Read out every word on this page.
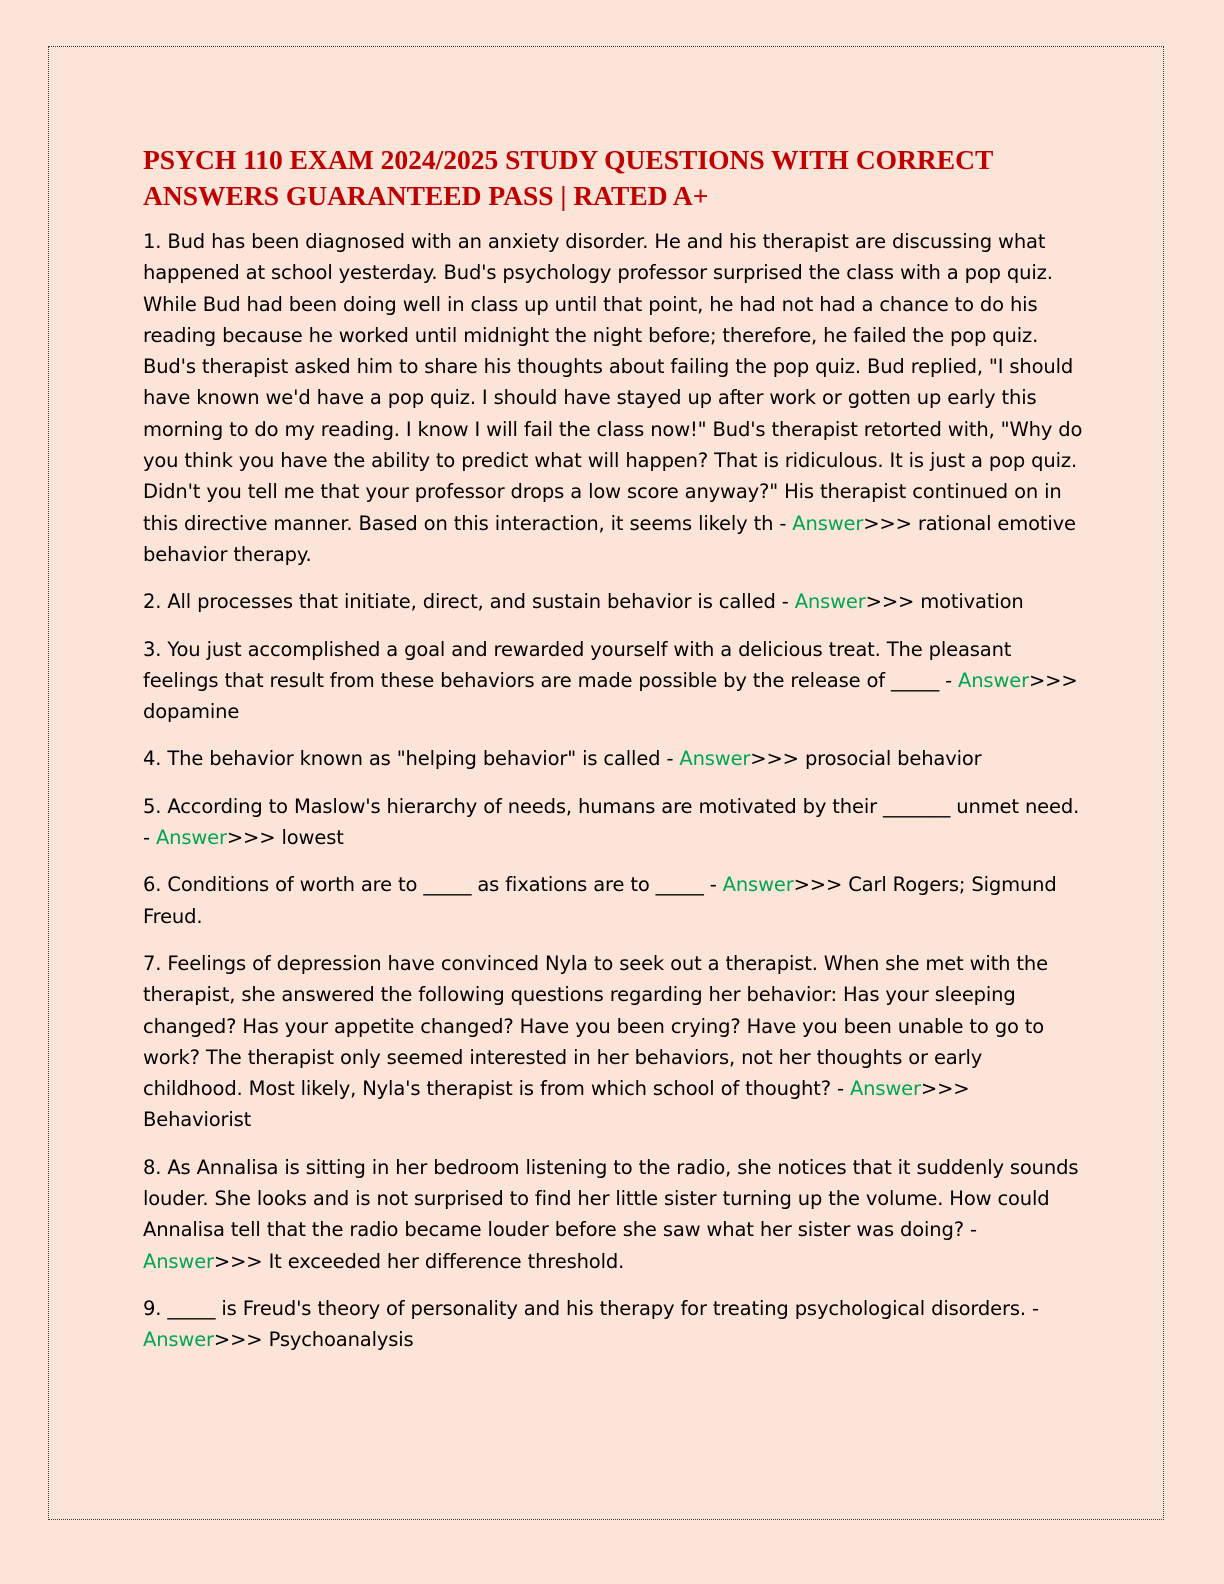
PSYCH 110 EXAM 2024/2025 STUDY QUESTIONS WITH CORRECT ANSWERS GUARANTEED PASS | RATED A+

1. Bud has been diagnosed with an anxiety disorder. He and his therapist are discussing what happened at school yesterday. Bud's psychology professor surprised the class with a pop quiz. While Bud had been doing well in class up until that point, he had not had a chance to do his reading because he worked until midnight the night before; therefore, he failed the pop quiz. Bud's therapist asked him to share his thoughts about failing the pop quiz. Bud replied, "I should have known we'd have a pop quiz. I should have stayed up after work or gotten up early this morning to do my reading. I know I will fail the class now!" Bud's therapist retorted with, "Why do you think you have the ability to predict what will happen? That is ridiculous. It is just a pop quiz. Didn't you tell me that your professor drops a low score anyway?" His therapist continued on in this directive manner. Based on this interaction, it seems likely th - Answer>>> rational emotive behavior therapy.

2. All processes that initiate, direct, and sustain behavior is called - Answer>>> motivation

3. You just accomplished a goal and rewarded yourself with a delicious treat. The pleasant feelings that result from these behaviors are made possible by the release of _____ - Answer>>> dopamine

4. The behavior known as "helping behavior" is called - Answer>>> prosocial behavior

5. According to Maslow's hierarchy of needs, humans are motivated by their _______ unmet need. - Answer>>> lowest

6. Conditions of worth are to _____ as fixations are to _____ - Answer>>> Carl Rogers; Sigmund Freud.

7. Feelings of depression have convinced Nyla to seek out a therapist. When she met with the therapist, she answered the following questions regarding her behavior: Has your sleeping changed? Has your appetite changed? Have you been crying? Have you been unable to go to work? The therapist only seemed interested in her behaviors, not her thoughts or early childhood. Most likely, Nyla's therapist is from which school of thought? - Answer>>> Behaviorist

8. As Annalisa is sitting in her bedroom listening to the radio, she notices that it suddenly sounds louder. She looks and is not surprised to find her little sister turning up the volume. How could Annalisa tell that the radio became louder before she saw what her sister was doing? - Answer>>> It exceeded her difference threshold.

9. _____ is Freud's theory of personality and his therapy for treating psychological disorders. - Answer>>> Psychoanalysis
